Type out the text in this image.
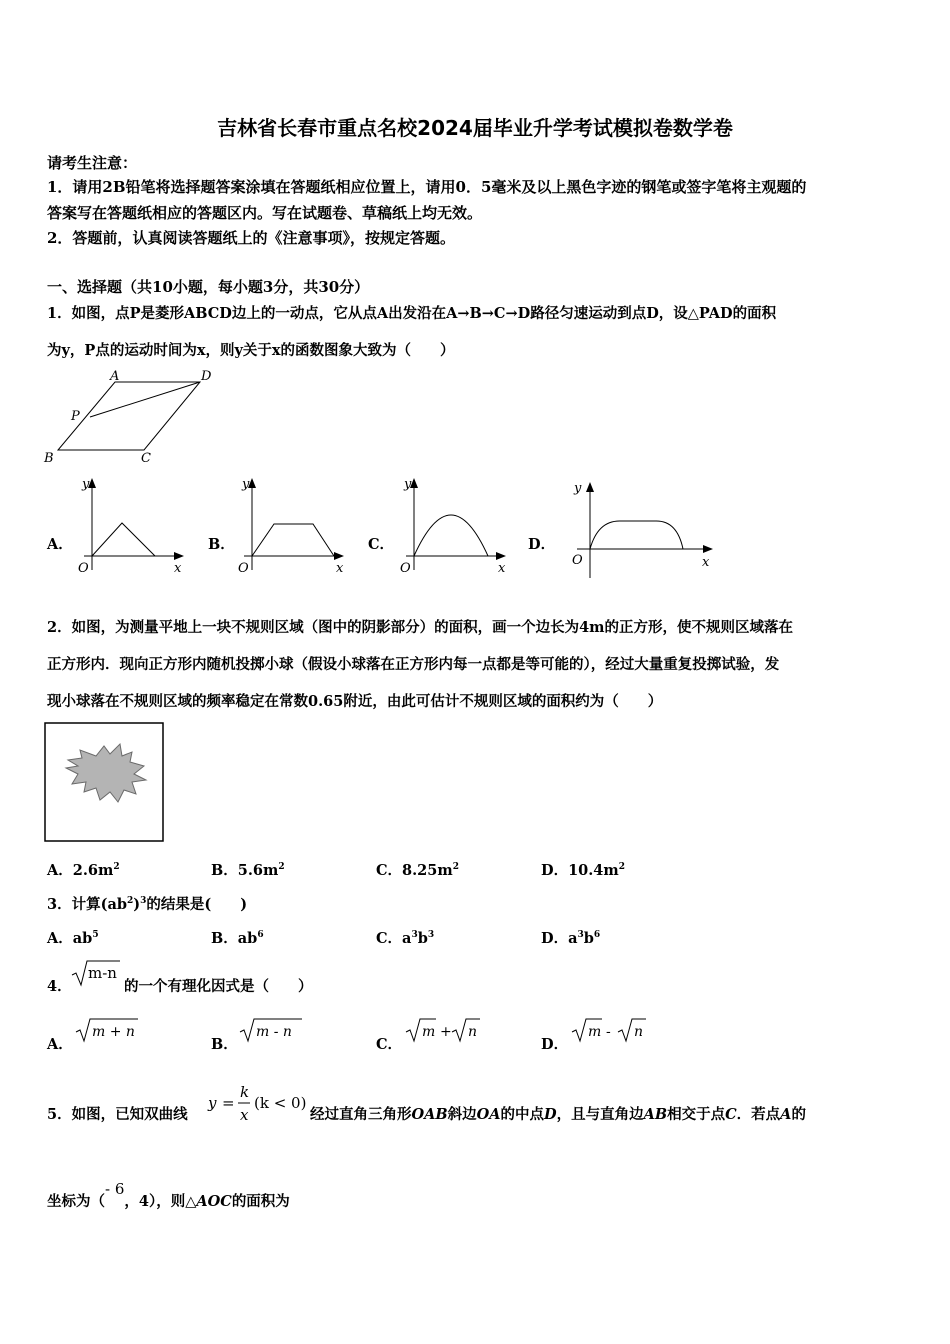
吉林省长春市重点名校2024届毕业升学考试模拟卷数学卷
请考生注意：
1．请用2B铅笔将选择题答案涂填在答题纸相应位置上，请用0．5毫米及以上黑色字迹的钢笔或签字笔将主观题的
答案写在答题纸相应的答题区内。写在试题卷、草稿纸上均无效。
2．答题前，认真阅读答题纸上的《注意事项》，按规定答题。
一、选择题（共10小题，每小题3分，共30分）
1．如图，点P是菱形ABCD边上的一动点，它从点A出发沿在A→B→C→D路径匀速运动到点D，设△PAD的面积
为y，P点的运动时间为x，则y关于x的函数图象大致为（　　）
A	D
P
B	C
A．
y
x
O
B．
y
x
O
C．
y
x
O
D．
y
x
O
2．如图，为测量平地上一块不规则区域（图中的阴影部分）的面积，画一个边长为4m的正方形，使不规则区域落在
正方形内．现向正方形内随机投掷小球（假设小球落在正方形内每一点都是等可能的），经过大量重复投掷试验，发
现小球落在不规则区域的频率稳定在常数0.65附近，由此可估计不规则区域的面积约为（　　）
A．$2.6m^2$	B．$5.6m^2$	C．$8.25m^2$	D．$10.4m^2$
3．计算$(ab^2)^3$的结果是(　　)
A．$ab^5$	B．$ab^6$	C．$a^3b^3$	D．$a^3b^6$
4．
m-n
的一个有理化因式是（　　）
A．
m + n
B．
m - n
C．
m + n
D．
m - n
5．如图，已知双曲线
y =
k
x
(k < 0)
经过直角三角形OAB斜边OA的中点D，且与直角边AB相交于点C．若点A的
坐标为（- 6，4），则△AOC的面积为
